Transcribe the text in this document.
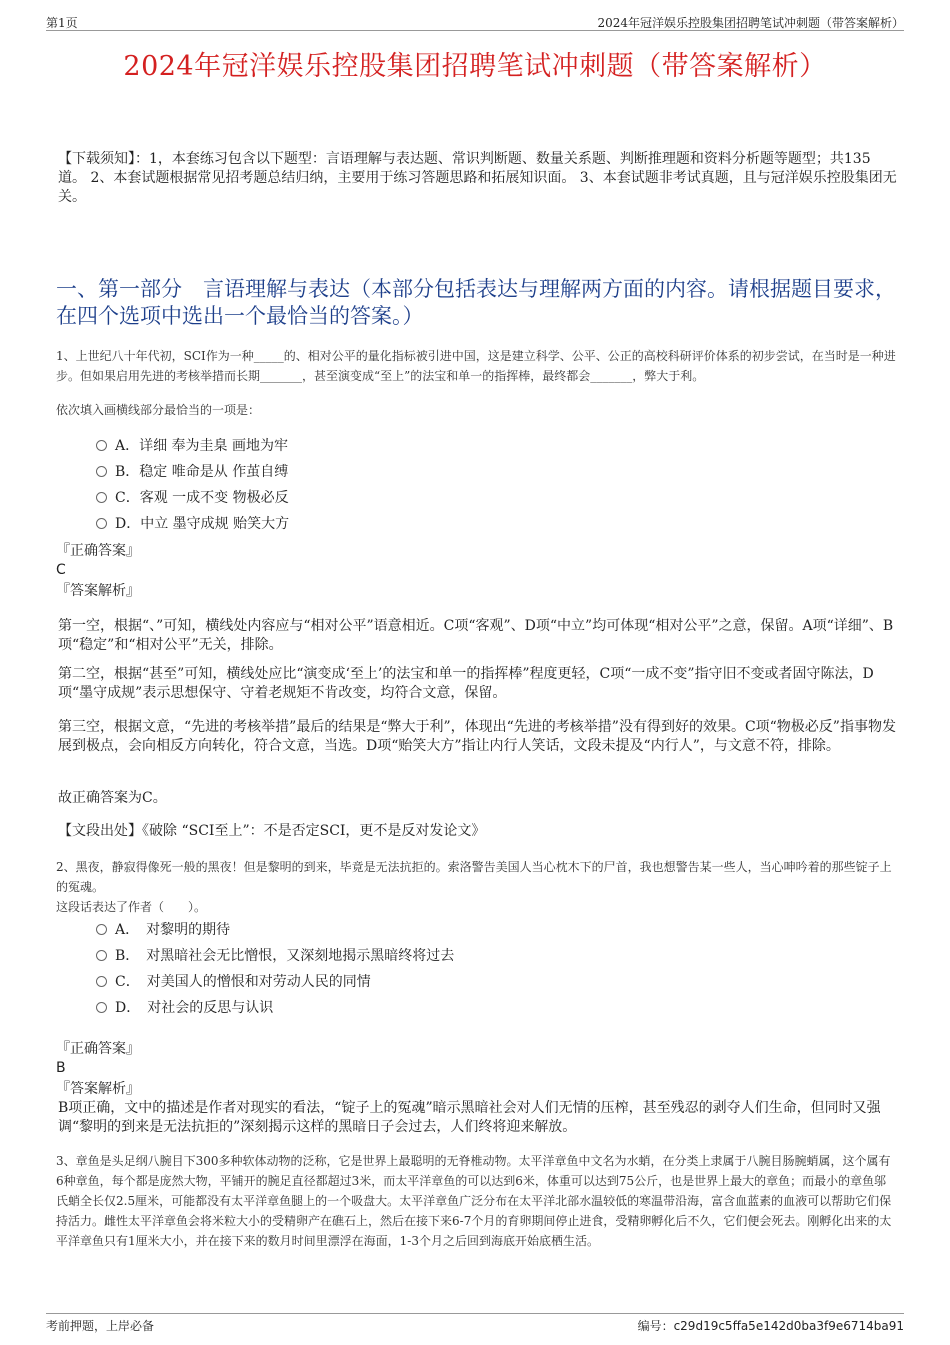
第1页	2024年冠洋娱乐控股集团招聘笔试冲刺题（带答案解析）
2024年冠洋娱乐控股集团招聘笔试冲刺题（带答案解析）
【下载须知】：1，本套练习包含以下题型：言语理解与表达题、常识判断题、数量关系题、判断推理题和资料分析题等题型；共135道。 2、本套试题根据常见招考题总结归纳，主要用于练习答题思路和拓展知识面。 3、本套试题非考试真题，且与冠洋娱乐控股集团无关。
一、第一部分　言语理解与表达（本部分包括表达与理解两方面的内容。请根据题目要求，在四个选项中选出一个最恰当的答案。）
1、上世纪八十年代初，SCI作为一种_____的、相对公平的量化指标被引进中国，这是建立科学、公平、公正的高校科研评价体系的初步尝试，在当时是一种进步。但如果启用先进的考核举措而长期_______，甚至演变成“至上”的法宝和单一的指挥棒，最终都会_______，弊大于利。
依次填入画横线部分最恰当的一项是：
A．详细 奉为圭臬 画地为牢
B．稳定 唯命是从 作茧自缚
C．客观 一成不变 物极必反
D．中立 墨守成规 贻笑大方
『正确答案』
C
『答案解析』
第一空，根据“、”可知，横线处内容应与“相对公平”语意相近。C项“客观”、D项“中立”均可体现“相对公平”之意，保留。A项“详细”、B项“稳定”和“相对公平”无关，排除。
第二空，根据“甚至”可知，横线处应比“演变成‘至上’的法宝和单一的指挥棒”程度更轻，C项“一成不变”指守旧不变或者固守陈法，D项“墨守成规”表示思想保守、守着老规矩不肯改变，均符合文意，保留。
第三空，根据文意，“先进的考核举措”最后的结果是“弊大于利”，体现出“先进的考核举措”没有得到好的效果。C项“物极必反”指事物发展到极点，会向相反方向转化，符合文意，当选。D项“贻笑大方”指让内行人笑话，文段未提及“内行人”，与文意不符，排除。
故正确答案为C。
【文段出处】《破除 “SCI至上”：不是否定SCI，更不是反对发论文》
2、黑夜，静寂得像死一般的黑夜！但是黎明的到来，毕竟是无法抗拒的。索洛警告美国人当心枕木下的尸首，我也想警告某一些人，当心呻吟着的那些锭子上的冤魂。
这段话表达了作者（　　）。
A．　对黎明的期待
B．　对黑暗社会无比憎恨，又深刻地揭示黑暗终将过去
C．　对美国人的憎恨和对劳动人民的同情
D．　对社会的反思与认识
『正确答案』
B
『答案解析』
B项正确，文中的描述是作者对现实的看法，“锭子上的冤魂”暗示黑暗社会对人们无情的压榨，甚至残忍的剥夺人们生命，但同时又强调“黎明的到来是无法抗拒的”深刻揭示这样的黑暗日子会过去，人们终将迎来解放。
3、章鱼是头足纲八腕目下300多种软体动物的泛称，它是世界上最聪明的无脊椎动物。太平洋章鱼中文名为水蛸，在分类上隶属于八腕目肠腕蛸属，这个属有6种章鱼，每个都是庞然大物，平铺开的腕足直径都超过3米，而太平洋章鱼的可以达到6米，体重可以达到75公斤，也是世界上最大的章鱼；而最小的章鱼邬氏蛸全长仅2.5厘米，可能都没有太平洋章鱼腿上的一个吸盘大。太平洋章鱼广泛分布在太平洋北部水温较低的寒温带沿海，富含血蓝素的血液可以帮助它们保持活力。雌性太平洋章鱼会将米粒大小的受精卵产在礁石上，然后在接下来6-7个月的育卵期间停止进食，受精卵孵化后不久，它们便会死去。刚孵化出来的太平洋章鱼只有1厘米大小，并在接下来的数月时间里漂浮在海面，1-3个月之后回到海底开始底栖生活。
考前押题，上岸必备	编号：c29d19c5ffa5e142d0ba3f9e6714ba91
